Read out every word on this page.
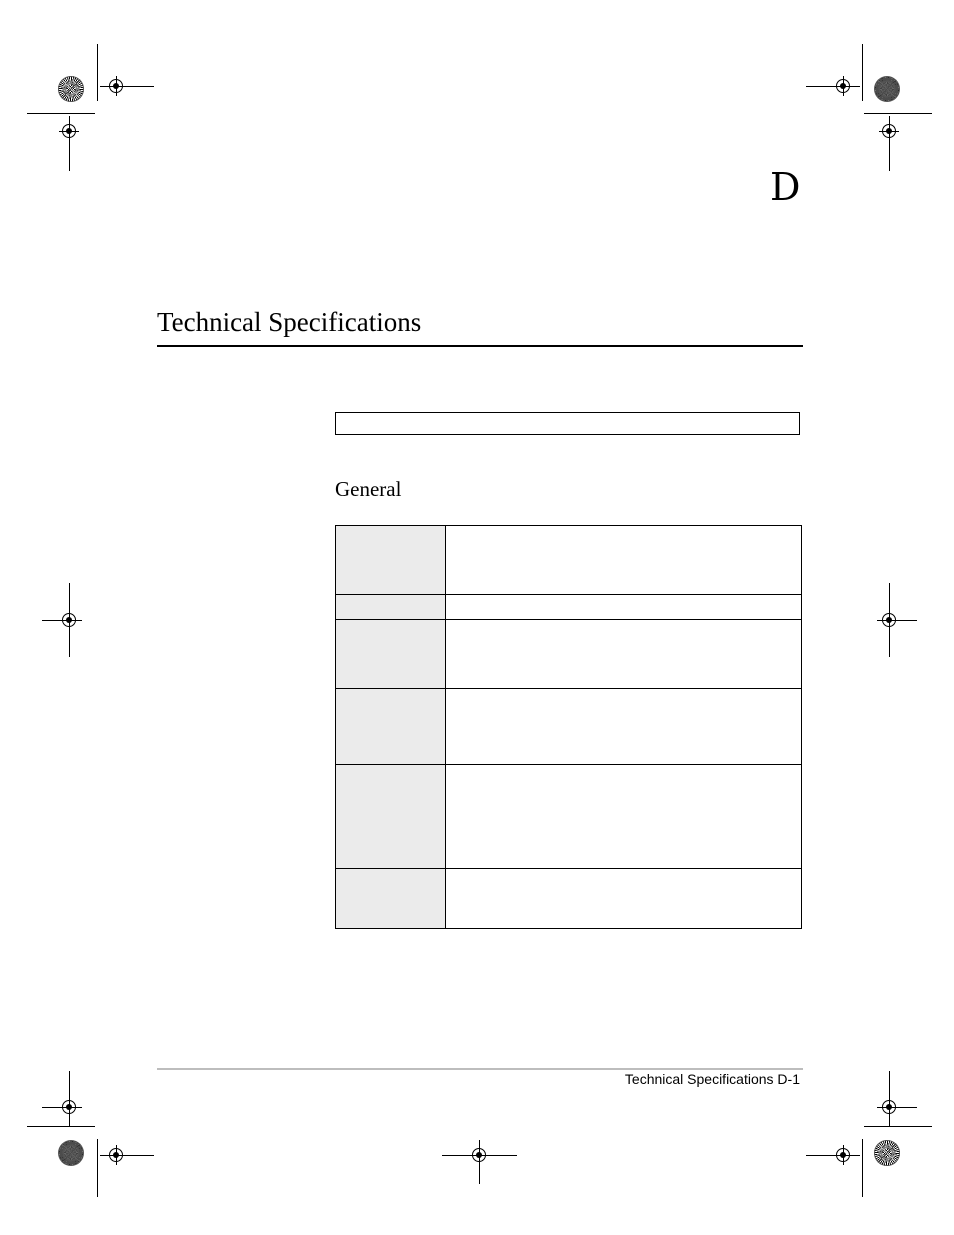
D
Technical Specifications
General

Technical Specifications D-1
